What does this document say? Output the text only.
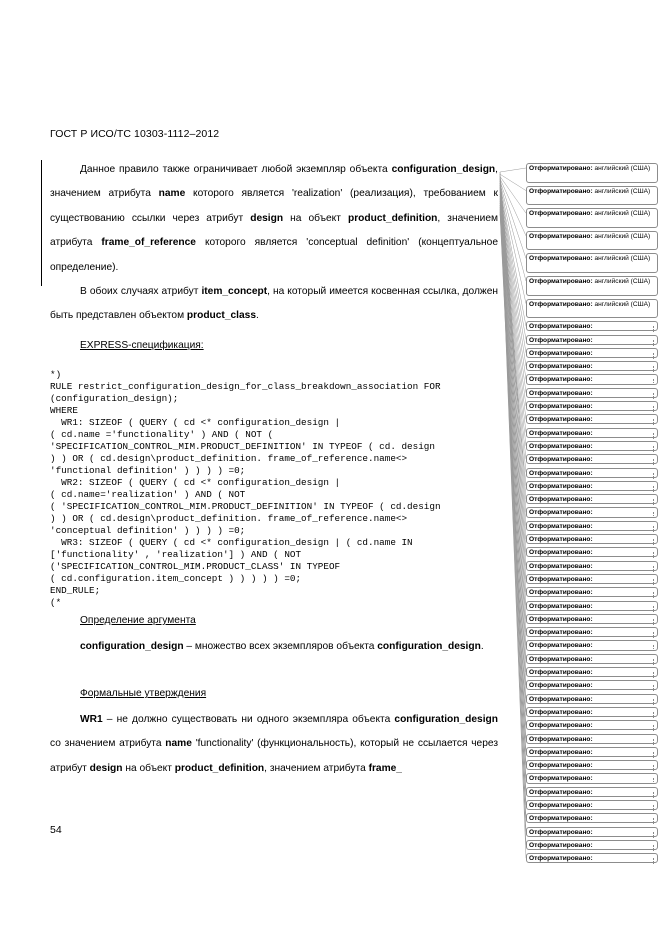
ГОСТ Р ИСО/ТС 10303-1112–2012
Данное правило также ограничивает любой экземпляр объекта configuration_design, значением атрибута name которого является 'realization' (реализация), требованием к существованию ссылки через атрибут design на объект product_definition, значением атрибута frame_of_reference которого является 'conceptual definition' (концептуальное определение).
В обоих случаях атрибут item_concept, на который имеется косвенная ссылка, должен быть представлен объектом product_class.
EXPRESS-спецификация:
*)
RULE restrict_configuration_design_for_class_breakdown_association FOR
(configuration_design);
WHERE
WR1: SIZEOF ( QUERY ( cd <* configuration_design |
( cd.name ='functionality' ) AND ( NOT (
'SPECIFICATION_CONTROL_MIM.PRODUCT_DEFINITION' IN TYPEOF ( cd. design
) ) OR ( cd.design\product_definition. frame_of_reference.name<>
'functional definition' ) ) ) ) =0;
WR2: SIZEOF ( QUERY ( cd <* configuration_design |
( cd.name='realization' ) AND ( NOT
( 'SPECIFICATION_CONTROL_MIM.PRODUCT_DEFINITION' IN TYPEOF ( cd.design
) ) OR ( cd.design\product_definition. frame_of_reference.name<>
'conceptual definition' ) ) ) ) =0;
WR3: SIZEOF ( QUERY ( cd <* configuration_design | ( cd.name IN
['functionality' , 'realization'] ) AND ( NOT
('SPECIFICATION_CONTROL_MIM.PRODUCT_CLASS' IN TYPEOF
( cd.configuration.item_concept ) ) ) ) ) =0;
END_RULE;
(*
Определение аргумента
configuration_design – множество всех экземпляров объекта configuration_design.
Формальные утверждения
WR1 – не должно существовать ни одного экземпляра объекта configuration_design со значением атрибута name 'functionality' (функциональность), который не ссылается через атрибут design на объект product_definition, значением атрибута frame_
54
Отформатировано: английский (США)
Отформатировано: английский (США)
Отформатировано: английский (США)
Отформатировано: английский (США)
Отформатировано: английский (США)
Отформатировано: английский (США)
Отформатировано: английский (США)
Отформатировано:
Отформатировано:
Отформатировано:
Отформатировано:
Отформатировано:
Отформатировано:
Отформатировано:
Отформатировано:
Отформатировано:
Отформатировано:
Отформатировано:
Отформатировано:
Отформатировано:
Отформатировано:
Отформатировано:
Отформатировано:
Отформатировано:
Отформатировано:
Отформатировано:
Отформатировано:
Отформатировано:
Отформатировано:
Отформатировано:
Отформатировано:
Отформатировано:
Отформатировано:
Отформатировано:
Отформатировано:
Отформатировано:
Отформатировано:
Отформатировано:
Отформатировано:
Отформатировано:
Отформатировано:
Отформатировано:
Отформатировано:
Отформатировано:
Отформатировано:
Отформатировано:
Отформатировано:
Отформатировано:
